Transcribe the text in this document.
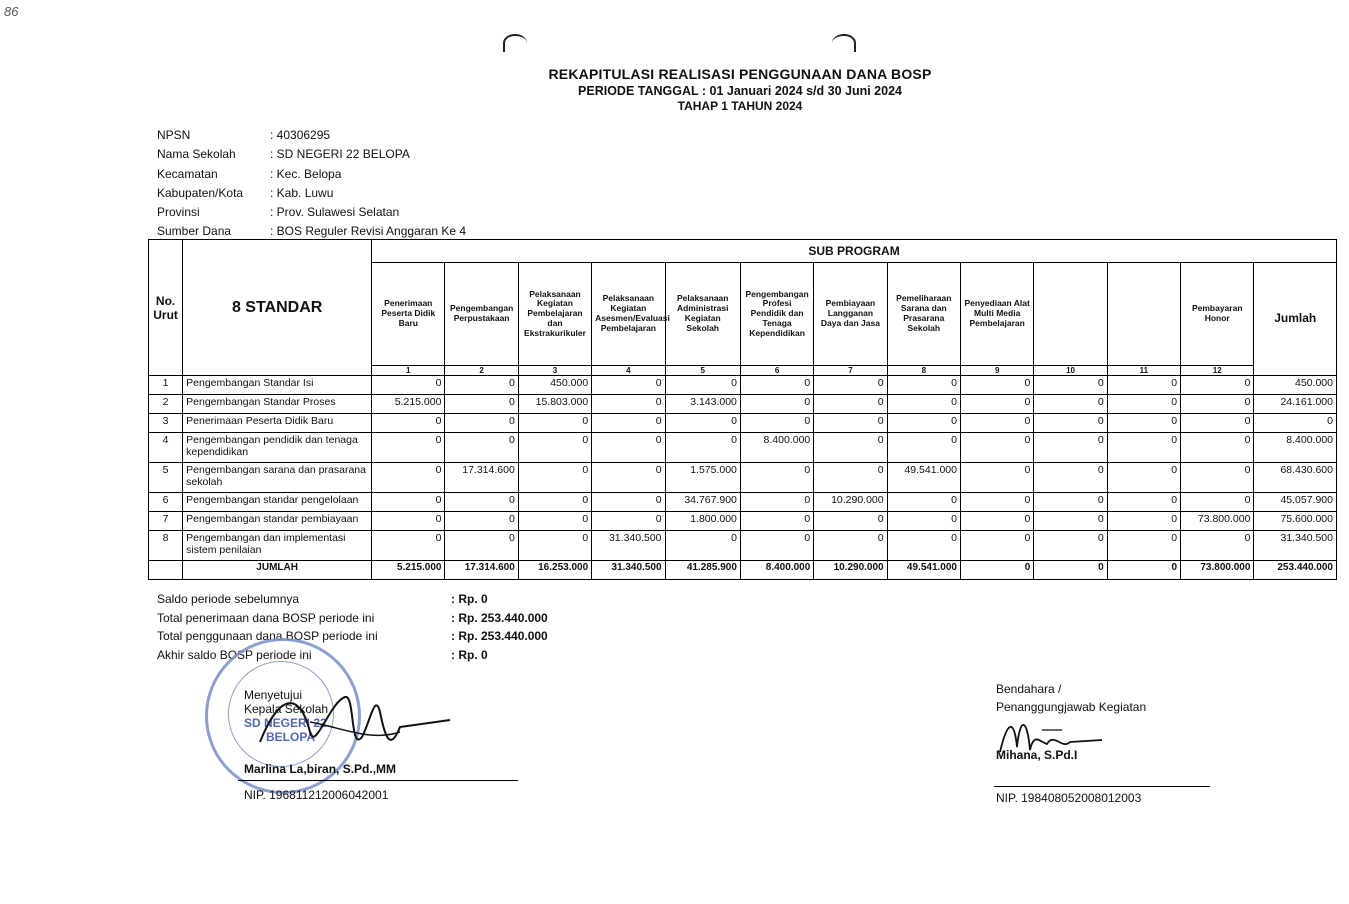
86
REKAPITULASI REALISASI PENGGUNAAN DANA BOSP
PERIODE TANGGAL : 01 Januari 2024 s/d 30 Juni 2024
TAHAP 1 TAHUN 2024
NPSN	: 40306295
Nama Sekolah	: SD NEGERI 22 BELOPA
Kecamatan	: Kec. Belopa
Kabupaten/Kota	: Kab. Luwu
Provinsi	: Prov. Sulawesi Selatan
Sumber Dana	: BOS Reguler Revisi Anggaran Ke 4
No. Urut	8 STANDAR	SUB PROGRAM												
		Penerimaan Peserta Didik Baru	Pengembangan Perpustakaan	Pelaksanaan Kegiatan Pembelajaran dan Ekstrakurikuler	Pelaksanaan Kegiatan Asesmen/Evaluasi Pembelajaran	Pelaksanaan Administrasi Kegiatan Sekolah	Pengembangan Profesi Pendidik dan Tenaga Kependidikan	Pembiayaan Langganan Daya dan Jasa	Pemeliharaan Sarana dan Prasarana Sekolah	Penyediaan Alat Multi Media Pembelajaran			Pembayaran Honor	Jumlah
		1	2	3	4	5	6	7	8	9	10	11	12	
1	Pengembangan Standar Isi	0	0	450.000	0	0	0	0	0	0	0	0	0	450.000
2	Pengembangan Standar Proses	5.215.000	0	15.803.000	0	3.143.000	0	0	0	0	0	0	0	24.161.000
3	Penerimaan Peserta Didik Baru	0	0	0	0	0	0	0	0	0	0	0	0	0
4	Pengembangan pendidik dan tenaga kependidikan	0	0	0	0	0	8.400.000	0	0	0	0	0	0	8.400.000
5	Pengembangan sarana dan prasarana sekolah	0	17.314.600	0	0	1.575.000	0	0	49.541.000	0	0	0	0	68.430.600
6	Pengembangan standar pengelolaan	0	0	0	0	34.767.900	0	10.290.000	0	0	0	0	0	45.057.900
7	Pengembangan standar pembiayaan	0	0	0	0	1.800.000	0	0	0	0	0	0	73.800.000	75.600.000
8	Pengembangan dan implementasi sistem penilaian	0	0	0	31.340.500	0	0	0	0	0	0	0	0	31.340.500
	JUMLAH	5.215.000	17.314.600	16.253.000	31.340.500	41.285.900	8.400.000	10.290.000	49.541.000	0	0	0	73.800.000	253.440.000
Saldo periode sebelumnya	: Rp. 0
Total penerimaan dana BOSP periode ini	: Rp. 253.440.000
Total penggunaan dana BOSP periode ini	: Rp. 253.440.000
Akhir saldo BOSP periode ini	: Rp. 0
Menyetujui
Kepala Sekolah
SD NEGERI 22
BELOPA
Marlina La,biran, S.Pd.,MM
NIP. 196811212006042001
Bendahara /
Penanggungjawab Kegiatan
Mihana, S.Pd.I
NIP. 198408052008012003
